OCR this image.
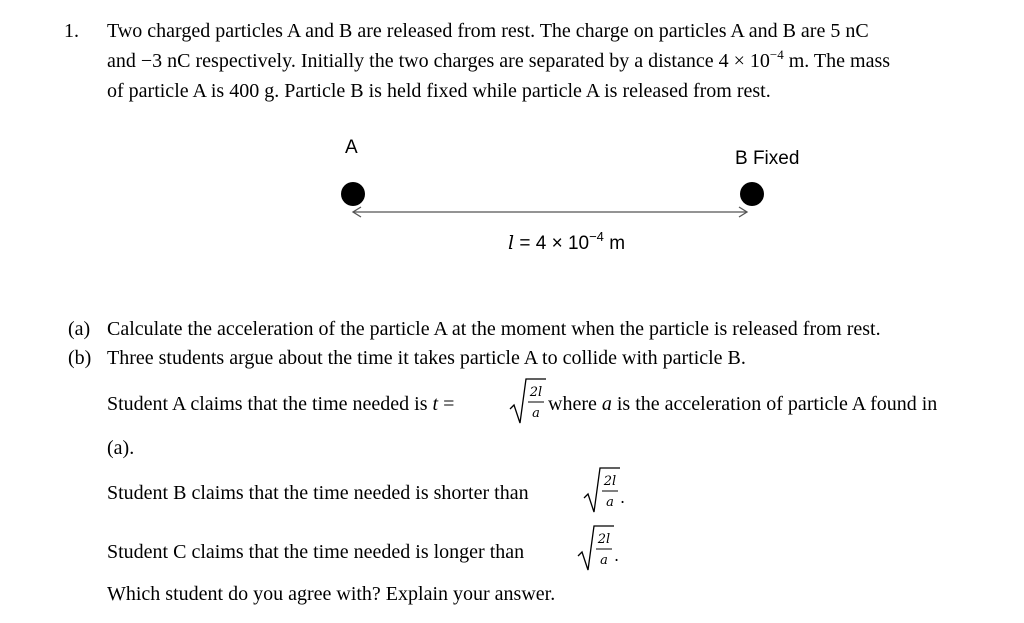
1. Two charged particles A and B are released from rest. The charge on particles A and B are 5 nC
and −3 nC respectively. Initially the two charges are separated by a distance $4 \times 10^{-4}$ m. The mass
of particle A is 400 g. Particle B is held fixed while particle A is released from rest.
A
B Fixed
$l = 4 \times 10^{-4}$ m
(a) Calculate the acceleration of the particle A at the moment when the particle is released from rest.
(b) Three students argue about the time it takes particle A to collide with particle B.
Student A claims that the time needed is t =
2l
a where a is the acceleration of particle A found in
(a).
Student B claims that the time needed is shorter than
2l
a .
Student C claims that the time needed is longer than
2l
a .
Which student do you agree with? Explain your answer.
